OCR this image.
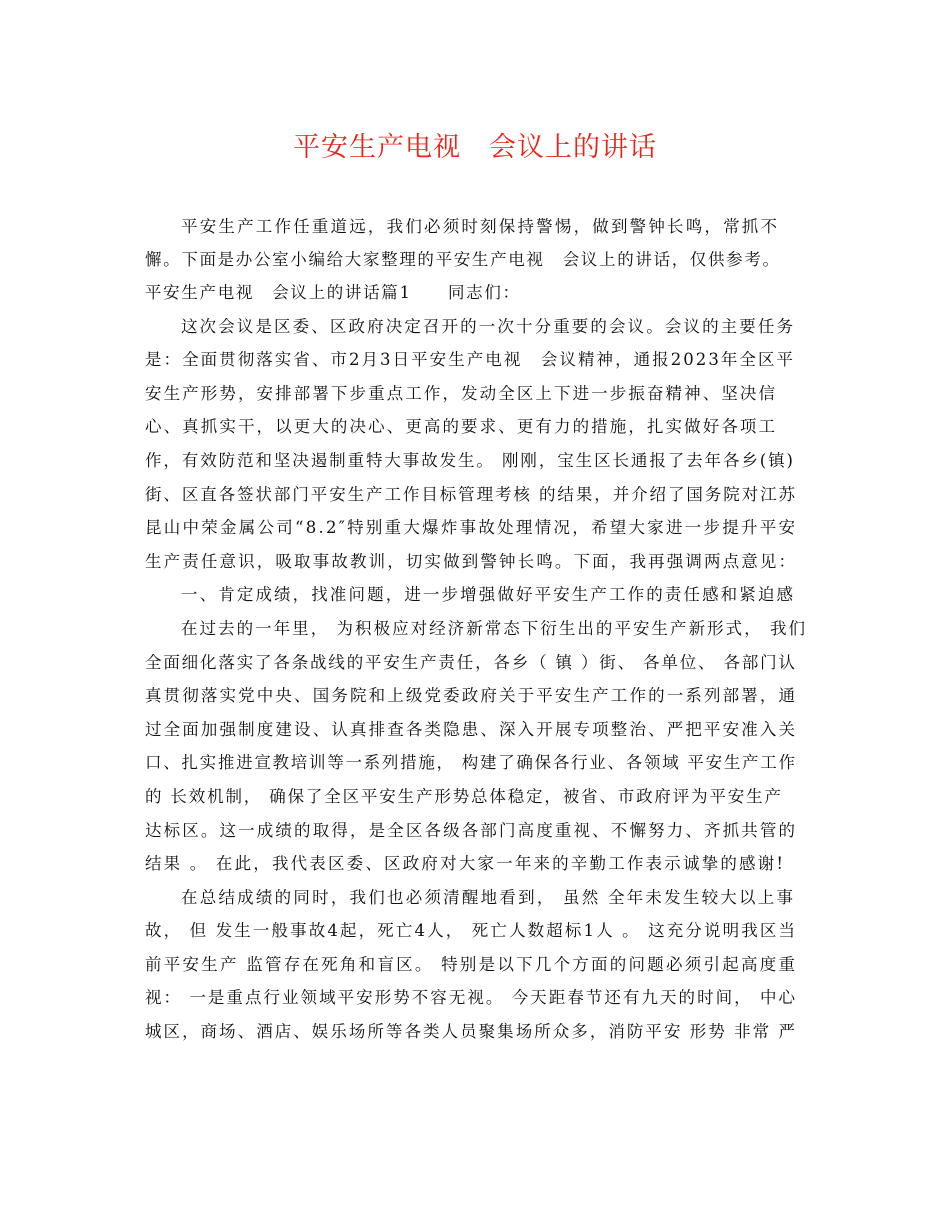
平安生产电视　会议上的讲话
平安生产工作任重道远，我们必须时刻保持警惕，做到警钟长鸣，常抓不
懈。下面是办公室小编给大家整理的平安生产电视　会议上的讲话，仅供参考。
平安生产电视　会议上的讲话篇1　　同志们：
这次会议是区委、区政府决定召开的一次十分重要的会议。会议的主要任务
是：全面贯彻落实省、市2月3日平安生产电视　会议精神，通报2023年全区平
安生产形势，安排部署下步重点工作，发动全区上下进一步振奋精神、坚决信
心、真抓实干，以更大的决心、更高的要求、更有力的措施，扎实做好各项工
作，有效防范和坚决遏制重特大事故发生。 刚刚，宝生区长通报了去年各乡(镇)
街、区直各签状部门平安生产工作目标管理考核 的结果，并介绍了国务院对江苏
昆山中荣金属公司“8.2″特别重大爆炸事故处理情况，希望大家进一步提升平安
生产责任意识，吸取事故教训，切实做到警钟长鸣。下面，我再强调两点意见：
一、肯定成绩，找准问题，进一步增强做好平安生产工作的责任感和紧迫感
在过去的一年里， 为积极应对经济新常态下衍生出的平安生产新形式， 我们
全面细化落实了各条战线的平安生产责任，各乡（ 镇 ）街、 各单位、 各部门认
真贯彻落实党中央、国务院和上级党委政府关于平安生产工作的一系列部署，通
过全面加强制度建设、认真排查各类隐患、深入开展专项整治、严把平安准入关
口、扎实推进宣教培训等一系列措施， 构建了确保各行业、各领域 平安生产工作
的 长效机制， 确保了全区平安生产形势总体稳定，被省、市政府评为平安生产
达标区。这一成绩的取得，是全区各级各部门高度重视、不懈努力、齐抓共管的
结果 。 在此，我代表区委、区政府对大家一年来的辛勤工作表示诚挚的感谢!
在总结成绩的同时，我们也必须清醒地看到， 虽然 全年未发生较大以上事
故， 但 发生一般事故4起，死亡4人， 死亡人数超标1人 。 这充分说明我区当
前平安生产 监管存在死角和盲区。 特别是以下几个方面的问题必须引起高度重
视： 一是重点行业领域平安形势不容无视。 今天距春节还有九天的时间， 中心
城区，商场、酒店、娱乐场所等各类人员聚集场所众多，消防平安 形势 非常 严
